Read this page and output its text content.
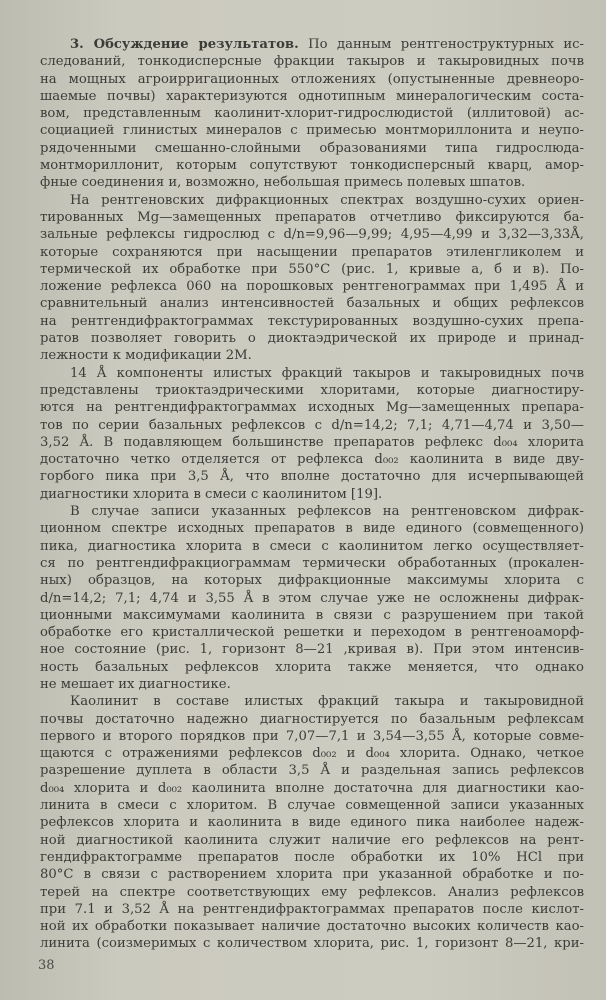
3. Обсуждение результатов. По данным рентгеноструктурных ис-
следований, тонкодисперсные фракции такыров и такыровидных почв
на мощных агроирригационных отложениях (опустыненные древнеоро-
шаемые почвы) характеризуются однотипным минералогическим соста-
вом, представленным каолинит-хлорит-гидрослюдистой (иллитовой) ас-
социацией глинистых минералов с примесью монтмориллонита и неупо-
рядоченными смешанно-слойными образованиями типа гидрослюда-
монтмориллонит, которым сопутствуют тонкодисперсный кварц, амор-
фные соединения и, возможно, небольшая примесь полевых шпатов.
На рентгеновских дифракционных спектрах воздушно-сухих ориен-
тированных Mg—замещенных препаратов отчетливо фиксируются ба-
зальные рефлексы гидрослюд с d/n=9,96—9,99; 4,95—4,99 и 3,32—3,33Å,
которые сохраняются при насыщении препаратов этиленгликолем и
термической их обработке при 550°C (рис. 1, кривые а, б и в). По-
ложение рефлекса 060 на порошковых рентгенограммах при 1,495 Å и
сравнительный анализ интенсивностей базальных и общих рефлексов
на рентгендифрактограммах текстурированных воздушно-сухих препа-
ратов позволяет говорить о диоктаэдрической их природе и принад-
лежности к модификации 2M.
14 Å компоненты илистых фракций такыров и такыровидных почв
представлены триоктаэдрическими хлоритами, которые диагностиру-
ются на рентгендифрактограммах исходных Mg—замещенных препара-
тов по серии базальных рефлексов с d/n=14,2; 7,1; 4,71—4,74 и 3,50—
3,52 Å. В подавляющем большинстве препаратов рефлекс d₀₀₄ хлорита
достаточно четко отделяется от рефлекса d₀₀₂ каолинита в виде дву-
горбого пика при 3,5 Å, что вполне достаточно для исчерпывающей
диагностики хлорита в смеси с каолинитом [19].
В случае записи указанных рефлексов на рентгеновском дифрак-
ционном спектре исходных препаратов в виде единого (совмещенного)
пика, диагностика хлорита в смеси с каолинитом легко осуществляет-
ся по рентгендифракциограммам термически обработанных (прокален-
ных) образцов, на которых дифракционные максимумы хлорита с
d/n=14,2; 7,1; 4,74 и 3,55 Å в этом случае уже не осложнены дифрак-
ционными максимумами каолинита в связи с разрушением при такой
обработке его кристаллической решетки и переходом в рентгеноаморф-
ное состояние (рис. 1, горизонт 8—21 ,кривая в). При этом интенсив-
ность базальных рефлексов хлорита также меняется, что однако
не мешает их диагностике.
Каолинит в составе илистых фракций такыра и такыровидной
почвы достаточно надежно диагностируется по базальным рефлексам
первого и второго порядков при 7,07—7,1 и 3,54—3,55 Å, которые совме-
щаются с отражениями рефлексов d₀₀₂ и d₀₀₄ хлорита. Однако, четкое
разрешение дуплета в области 3,5 Å и раздельная запись рефлексов
d₀₀₄ хлорита и d₀₀₂ каолинита вполне достаточна для диагностики као-
линита в смеси с хлоритом. В случае совмещенной записи указанных
рефлексов хлорита и каолинита в виде единого пика наиболее надеж-
ной диагностикой каолинита служит наличие его рефлексов на рент-
гендифрактограмме препаратов после обработки их 10% HCl при
80°C в связи с растворением хлорита при указанной обработке и по-
терей на спектре соответствующих ему рефлексов. Анализ рефлексов
при 7.1 и 3,52 Å на рентгендифрактограммах препаратов после кислот-
ной их обработки показывает наличие достаточно высоких количеств као-
линита (соизмеримых с количеством хлорита, рис. 1, горизонт 8—21, кри-
38
